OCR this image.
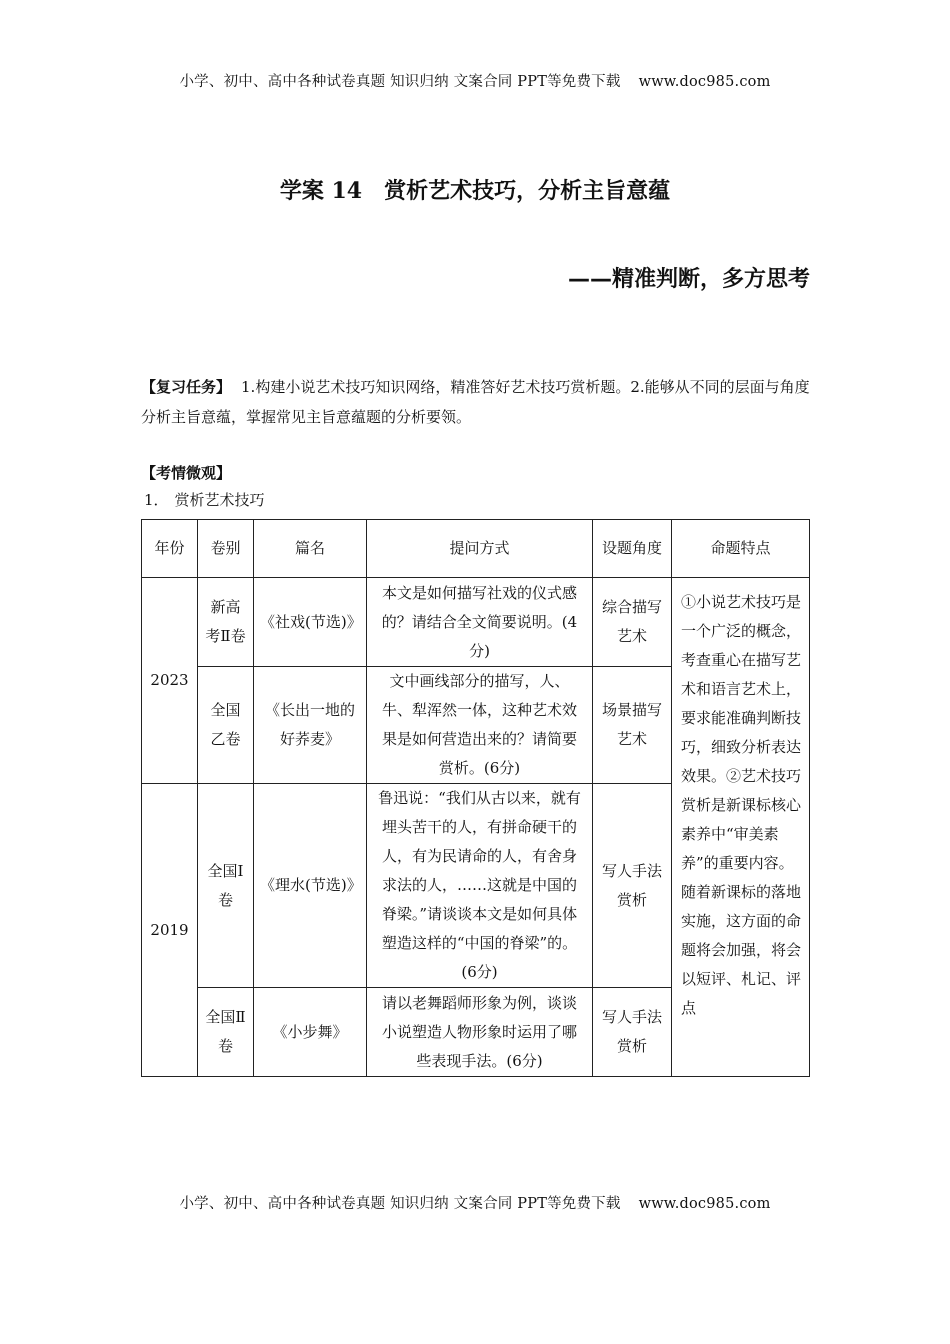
小学、初中、高中各种试卷真题 知识归纳 文案合同 PPT等免费下载 www.doc985.com
学案 14 赏析艺术技巧，分析主旨意蕴
——精准判断，多方思考
【复习任务】 1.构建小说艺术技巧知识网络，精准答好艺术技巧赏析题。2.能够从不同的层面与角度分析主旨意蕴，掌握常见主旨意蕴题的分析要领。
【考情微观】
1． 赏析艺术技巧
年份	卷别	篇名	提问方式	设题角度	命题特点
2023	新高考Ⅱ卷	《社戏(节选)》	本文是如何描写社戏的仪式感的？请结合全文简要说明。(4分)	综合描写艺术	①小说艺术技巧是一个广泛的概念，考查重心在描写艺术和语言艺术上，要求能准确判断技巧，细致分析表达效果。②艺术技巧赏析是新课标核心素养中“审美素养”的重要内容。随着新课标的落地实施，这方面的命题将会加强，将会以短评、札记、评点
	全国乙卷	《长出一地的好荞麦》	文中画线部分的描写，人、牛、犁浑然一体，这种艺术效果是如何营造出来的？请简要赏析。(6分)	场景描写艺术	
2019	全国Ⅰ卷	《理水(节选)》	鲁迅说：“我们从古以来，就有埋头苦干的人，有拼命硬干的人，有为民请命的人，有舍身求法的人，……这就是中国的脊梁。”请谈谈本文是如何具体塑造这样的“中国的脊梁”的。(6分)	写人手法赏析	
	全国Ⅱ卷	《小步舞》	请以老舞蹈师形象为例，谈谈小说塑造人物形象时运用了哪些表现手法。(6分)	写人手法赏析	
小学、初中、高中各种试卷真题 知识归纳 文案合同 PPT等免费下载 www.doc985.com
